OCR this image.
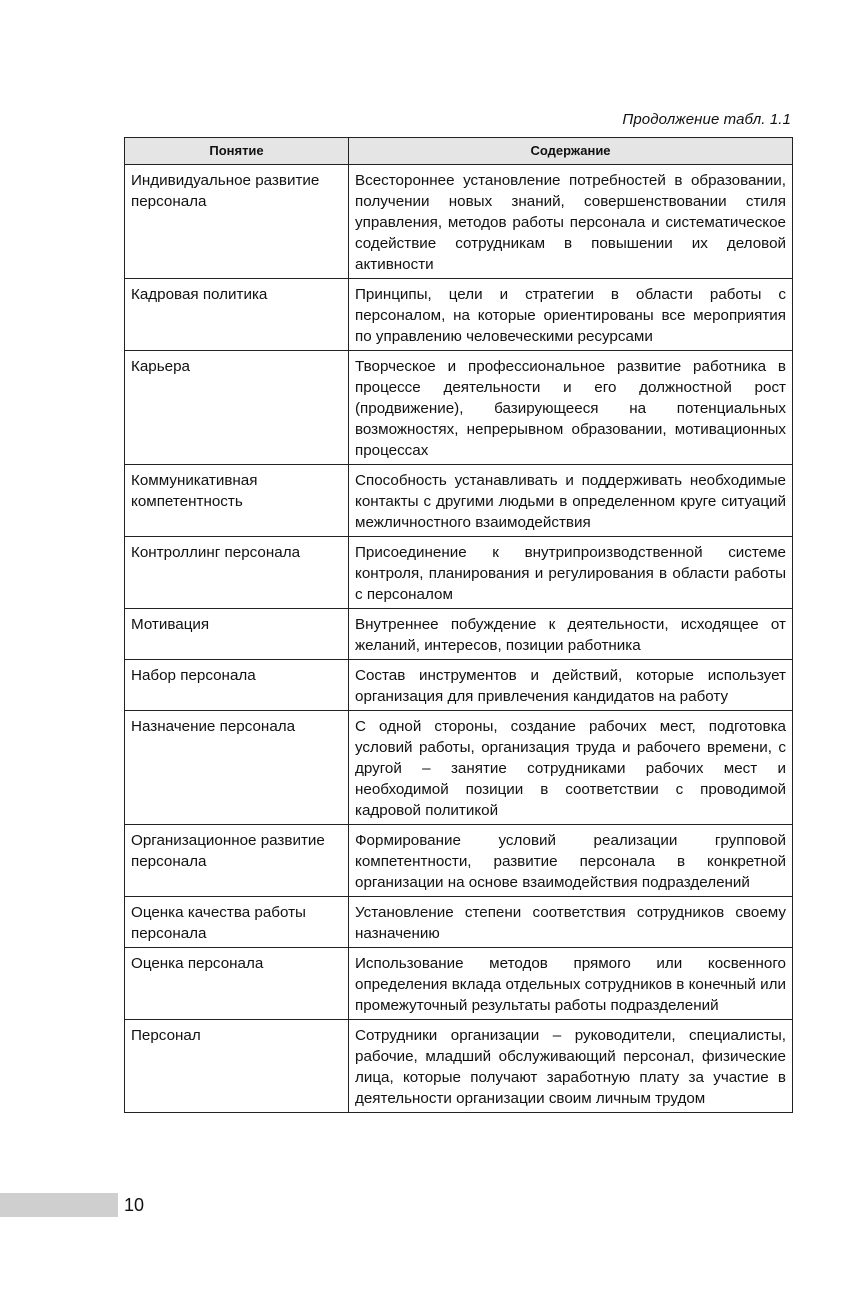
Продолжение табл. 1.1
Понятие	Содержание
Индивидуальное развитие персонала	Всестороннее установление потребностей в образовании, получении новых знаний, совершенствовании стиля управления, методов работы персонала и систематическое содействие сотрудникам в повышении их деловой активности
Кадровая политика	Принципы, цели и стратегии в области работы с персоналом, на которые ориентированы все мероприятия по управлению человеческими ресурсами
Карьера	Творческое и профессиональное развитие работника в процессе деятельности и его должностной рост (продвижение), базирующееся на потенциальных возможностях, непрерывном образовании, мотивационных процессах
Коммуникативная компетентность	Способность устанавливать и поддерживать необходимые контакты с другими людьми в определенном круге ситуаций межличностного взаимодействия
Контроллинг персонала	Присоединение к внутрипроизводственной системе контроля, планирования и регулирования в области работы с персоналом
Мотивация	Внутреннее побуждение к деятельности, исходящее от желаний, интересов, позиции работника
Набор персонала	Состав инструментов и действий, которые использует организация для привлечения кандидатов на работу
Назначение персонала	С одной стороны, создание рабочих мест, подготовка условий работы, организация труда и рабочего времени, с другой – занятие сотрудниками рабочих мест и необходимой позиции в соответствии с проводимой кадровой политикой
Организационное развитие персонала	Формирование условий реализации групповой компетентности, развитие персонала в конкретной организации на основе взаимодействия подразделений
Оценка качества работы персонала	Установление степени соответствия сотрудников своему назначению
Оценка персонала	Использование методов прямого или косвенного определения вклада отдельных сотрудников в конечный или промежуточный результаты работы подразделений
Персонал	Сотрудники организации – руководители, специалисты, рабочие, младший обслуживающий персонал, физические лица, которые получают заработную плату за участие в деятельности организации своим личным трудом
10
